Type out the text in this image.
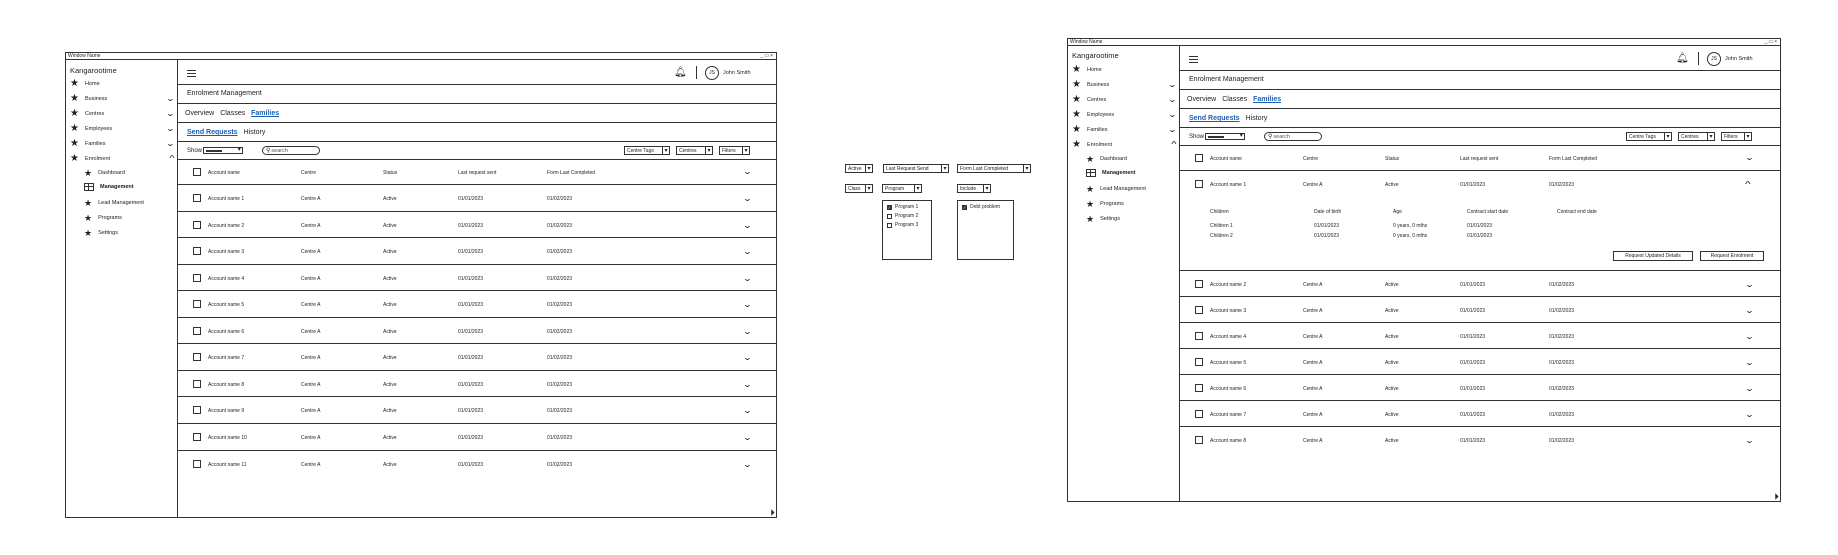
Window Name	_▭×
Kangarootime
★ Home
★ Business	⌄
★ Centres	⌄
★ Employees	⌄
★ Families	⌄
★ Enrolment	^
★ Dashboard
Management
★ Lead Management
★ Programs
★ Settings
🔔︎	JS	John Smith
Enrolment Management
Overview Classes Families
Send Requests History
Show ▾	⚲ search	Centre Tags	▾	Centres	▾	Filters	▾
Account name	Centre	Status	Last request sent	Form Last Completed	⌄
Account name 1	Centre A	Active	01/01/2023	01/02/2023	⌄
Account name 2	Centre A	Active	01/01/2023	01/02/2023	⌄
Account name 3	Centre A	Active	01/01/2023	01/02/2023	⌄
Account name 4	Centre A	Active	01/01/2023	01/02/2023	⌄
Account name 5	Centre A	Active	01/01/2023	01/02/2023	⌄
Account name 6	Centre A	Active	01/01/2023	01/02/2023	⌄
Account name 7	Centre A	Active	01/01/2023	01/02/2023	⌄
Account name 8	Centre A	Active	01/01/2023	01/02/2023	⌄
Account name 9	Centre A	Active	01/01/2023	01/02/2023	⌄
Account name 10	Centre A	Active	01/01/2023	01/02/2023	⌄
Account name 11	Centre A	Active	01/01/2023	01/02/2023	⌄
◢
Active ▾	Last Request Send	▾	Form Last Completed	▾
Class	▾	Program	▾	Include	▾
✓ Program 1
Program 2
Program 3
✓ Debt problem
Window Name	_▭×
Kangarootime
★ Home
★ Business	⌄
★ Centres	⌄
★ Employees	⌄
★ Families	⌄
★ Enrolment	^
★ Dashboard
Management
★ Lead Management
★ Programs
★ Settings
🔔︎	JS	John Smith
Enrolment Management
Overview Classes Families
Send Requests History
Show ▾	⚲ search	Centre Tags	▾	Centres	▾	Filters	▾
Account name	Centre	Status	Last request sent	Form Last Completed	⌄
Account name 1	Centre A	Active	01/01/2023	01/02/2023	^
Children	Date of birth	Age	Contract start date	Contract end date
Children 1	01/01/2023	0 years, 0 mths	01/01/2023
Children 2	01/01/2023	0 years, 0 mths	01/01/2023
Request Updated Details	Request Enrolment
Account name 2	Centre A	Active	01/01/2023	01/02/2023	⌄
Account name 3	Centre A	Active	01/01/2023	01/02/2023	⌄
Account name 4	Centre A	Active	01/01/2023	01/02/2023	⌄
Account name 5	Centre A	Active	01/01/2023	01/02/2023	⌄
Account name 6	Centre A	Active	01/01/2023	01/02/2023	⌄
Account name 7	Centre A	Active	01/01/2023	01/02/2023	⌄
Account name 8	Centre A	Active	01/01/2023	01/02/2023	⌄
◢
